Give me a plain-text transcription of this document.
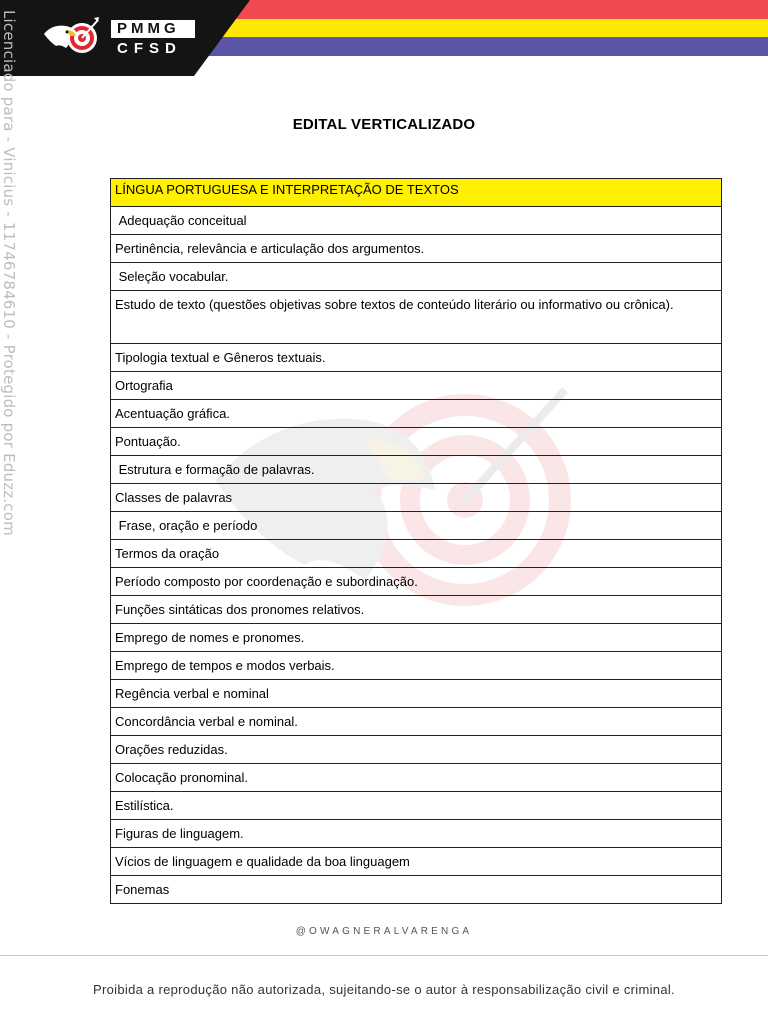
PMMG
CFSD
Licenciado para - Vinicius - 11746784610 - Protegido por Eduzz.com	EDITAL VERTICALIZADO
LÍNGUA PORTUGUESA E INTERPRETAÇÃO DE TEXTOS
Adequação conceitual
Pertinência, relevância e articulação dos argumentos.
Seleção vocabular.
Estudo de texto (questões objetivas sobre textos de conteúdo literário ou informativo ou crônica).
Tipologia textual e Gêneros textuais.
Ortografia
Acentuação gráfica.
Pontuação.
Estrutura e formação de palavras.
Classes de palavras
Frase, oração e período
Termos da oração
Período composto por coordenação e subordinação.
Funções sintáticas dos pronomes relativos.
Emprego de nomes e pronomes.
Emprego de tempos e modos verbais.
Regência verbal e nominal
Concordância verbal e nominal.
Orações reduzidas.
Colocação pronominal.
Estilística.
Figuras de linguagem.
Vícios de linguagem e qualidade da boa linguagem
Fonemas
@OWAGNERALVARENGA
Proibida a reprodução não autorizada, sujeitando-se o autor à responsabilização civil e criminal.
